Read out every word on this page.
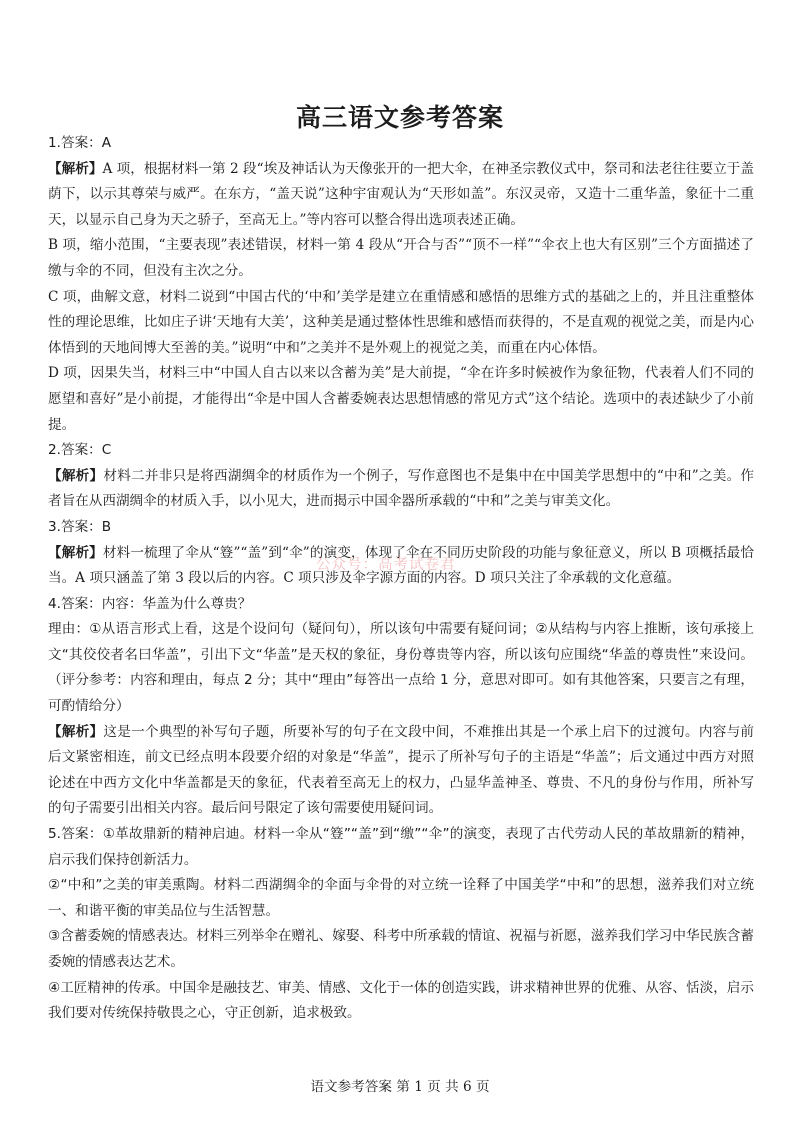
高三语文参考答案

1.答案：A

【解析】A 项，根据材料一第 2 段“埃及神话认为天像张开的一把大伞，在神圣宗教仪式中，祭司和法老往往要立于盖荫下，以示其尊荣与威严。在东方，“盖天说”这种宇宙观认为“天形如盖”。东汉灵帝，又造十二重华盖，象征十二重天，以显示自己身为天之骄子，至高无上。”等内容可以整合得出选项表述正确。

B 项，缩小范围，“主要表现”表述错误，材料一第 4 段从“开合与否”“顶不一样”“伞衣上也大有区别”三个方面描述了缴与伞的不同，但没有主次之分。

C 项，曲解文意，材料二说到“中国古代的‘中和’美学是建立在重情感和感悟的思维方式的基础之上的，并且注重整体性的理论思维，比如庄子讲‘天地有大美’，这种美是通过整体性思维和感悟而获得的，不是直观的视觉之美，而是内心体悟到的天地间博大至善的美。”说明“中和”之美并不是外观上的视觉之美，而重在内心体悟。

D 项，因果失当，材料三中“中国人自古以来以含蓄为美”是大前提，“伞在许多时候被作为象征物，代表着人们不同的愿望和喜好”是小前提，才能得出“伞是中国人含蓄委婉表达思想情感的常见方式”这个结论。选项中的表述缺少了小前提。

2.答案：C

【解析】材料二并非只是将西湖绸伞的材质作为一个例子，写作意图也不是集中在中国美学思想中的“中和”之美。作者旨在从西湖绸伞的材质入手，以小见大，进而揭示中国伞器所承载的“中和”之美与审美文化。

3.答案：B

【解析】材料一梳理了伞从“簦”“盖”到“伞”的演变，体现了伞在不同历史阶段的功能与象征意义，所以 B 项概括最恰当。A 项只涵盖了第 3 段以后的内容。C 项只涉及伞字源方面的内容。D 项只关注了伞承载的文化意蕴。

4.答案：内容：华盖为什么尊贵？

理由：①从语言形式上看，这是个设问句（疑问句），所以该句中需要有疑问词；②从结构与内容上推断，该句承接上文“其佼佼者名曰华盖”，引出下文“华盖”是天权的象征，身份尊贵等内容，所以该句应围绕“华盖的尊贵性”来设问。（评分参考：内容和理由，每点 2 分；其中“理由”每答出一点给 1 分，意思对即可。如有其他答案，只要言之有理，可酌情给分）

【解析】这是一个典型的补写句子题，所要补写的句子在文段中间，不难推出其是一个承上启下的过渡句。内容与前后文紧密相连，前文已经点明本段要介绍的对象是“华盖”，提示了所补写句子的主语是“华盖”；后文通过中西方对照论述在中西方文化中华盖都是天的象征，代表着至高无上的权力，凸显华盖神圣、尊贵、不凡的身份与作用，所补写的句子需要引出相关内容。最后问号限定了该句需要使用疑问词。

5.答案：①革故鼎新的精神启迪。材料一伞从“簦”“盖”到“缴”“伞”的演变，表现了古代劳动人民的革故鼎新的精神，启示我们保持创新活力。

②“中和”之美的审美熏陶。材料二西湖绸伞的伞面与伞骨的对立统一诠释了中国美学“中和”的思想，滋养我们对立统一、和谐平衡的审美品位与生活智慧。

③含蓄委婉的情感表达。材料三列举伞在赠礼、嫁娶、科考中所承载的情谊、祝福与祈愿，滋养我们学习中华民族含蓄委婉的情感表达艺术。

④工匠精神的传承。中国伞是融技艺、审美、情感、文化于一体的创造实践，讲求精神世界的优雅、从容、恬淡，启示我们要对传统保持敬畏之心，守正创新，追求极致。

公众号：高考试卷君
语文参考答案 第 1 页 共 6 页
